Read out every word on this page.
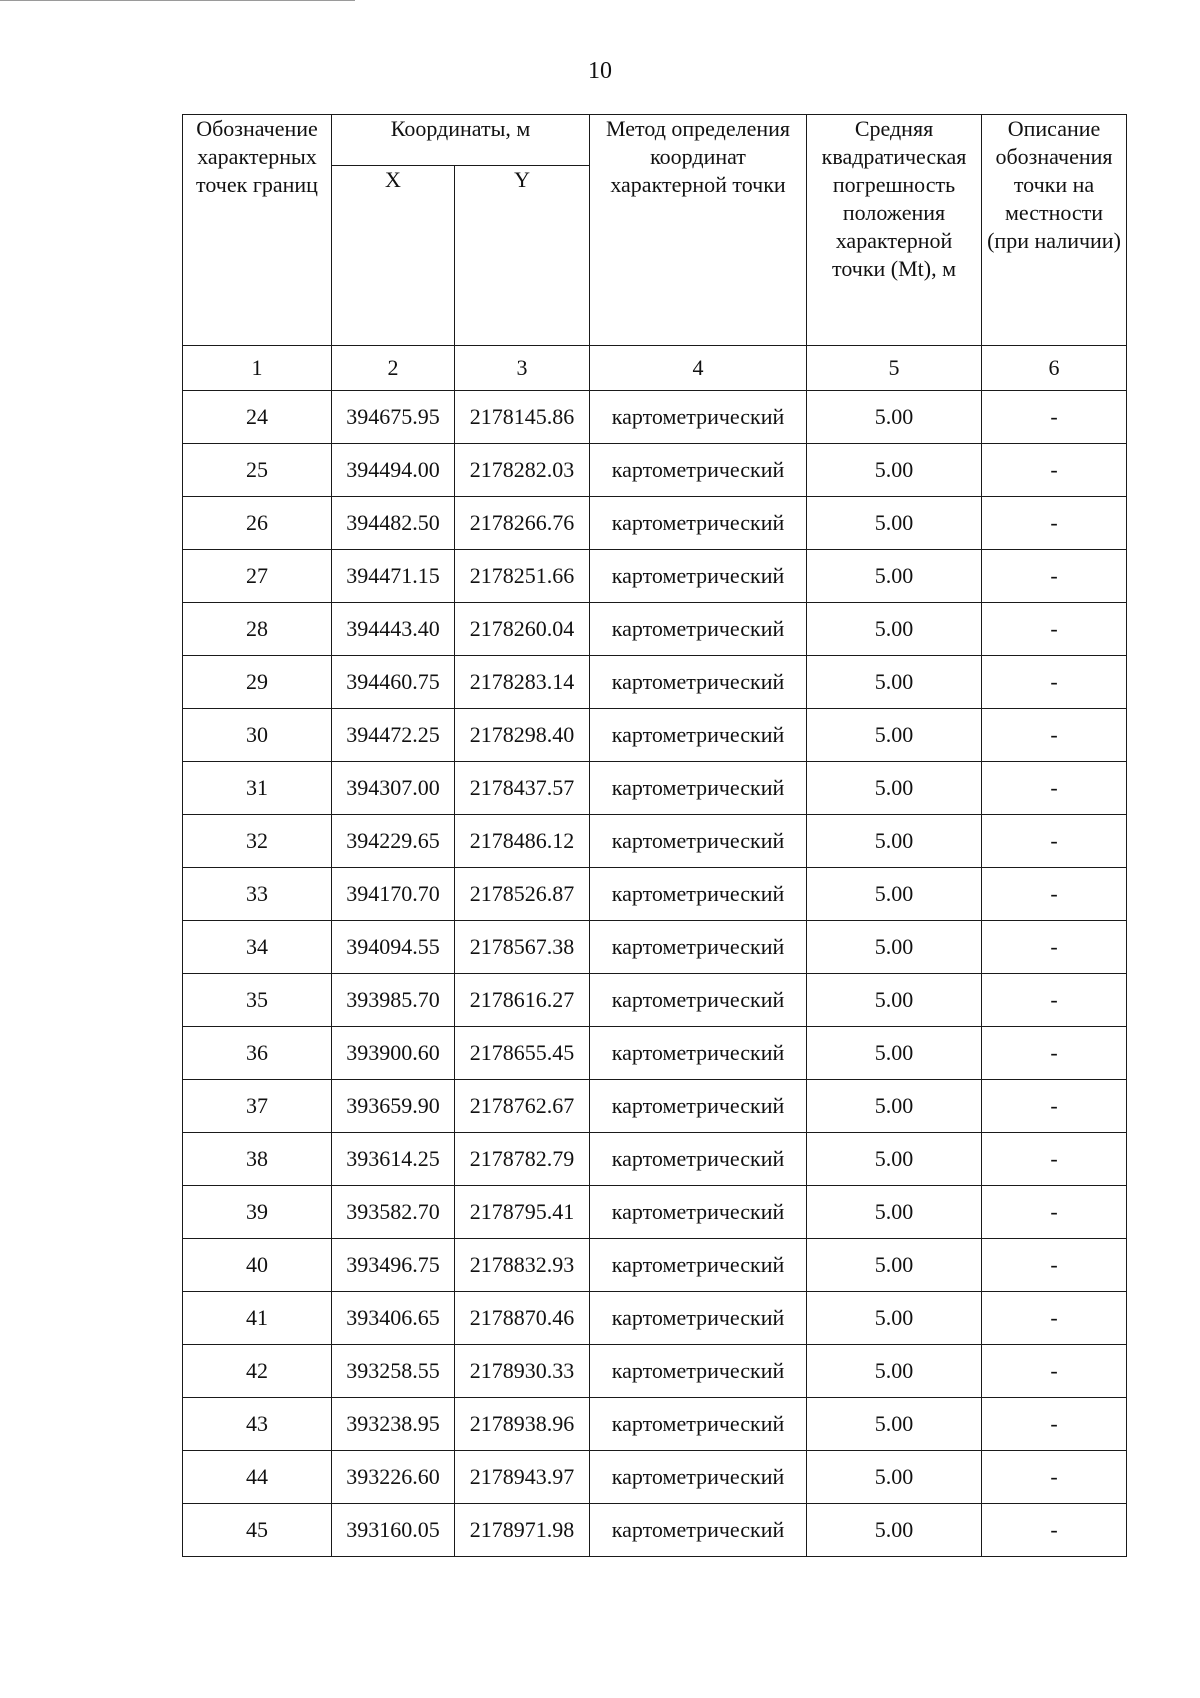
10
Обозначение характерных точек границ	Координаты, м		Метод определения координат характерной точки	Средняя квадратическая погрешность положения характерной точки (Mt), м	Описание обозначения точки на местности (при наличии)
	X	Y			
1	2	3	4	5	6
24	394675.95	2178145.86	картометрический	5.00	-
25	394494.00	2178282.03	картометрический	5.00	-
26	394482.50	2178266.76	картометрический	5.00	-
27	394471.15	2178251.66	картометрический	5.00	-
28	394443.40	2178260.04	картометрический	5.00	-
29	394460.75	2178283.14	картометрический	5.00	-
30	394472.25	2178298.40	картометрический	5.00	-
31	394307.00	2178437.57	картометрический	5.00	-
32	394229.65	2178486.12	картометрический	5.00	-
33	394170.70	2178526.87	картометрический	5.00	-
34	394094.55	2178567.38	картометрический	5.00	-
35	393985.70	2178616.27	картометрический	5.00	-
36	393900.60	2178655.45	картометрический	5.00	-
37	393659.90	2178762.67	картометрический	5.00	-
38	393614.25	2178782.79	картометрический	5.00	-
39	393582.70	2178795.41	картометрический	5.00	-
40	393496.75	2178832.93	картометрический	5.00	-
41	393406.65	2178870.46	картометрический	5.00	-
42	393258.55	2178930.33	картометрический	5.00	-
43	393238.95	2178938.96	картометрический	5.00	-
44	393226.60	2178943.97	картометрический	5.00	-
45	393160.05	2178971.98	картометрический	5.00	-
